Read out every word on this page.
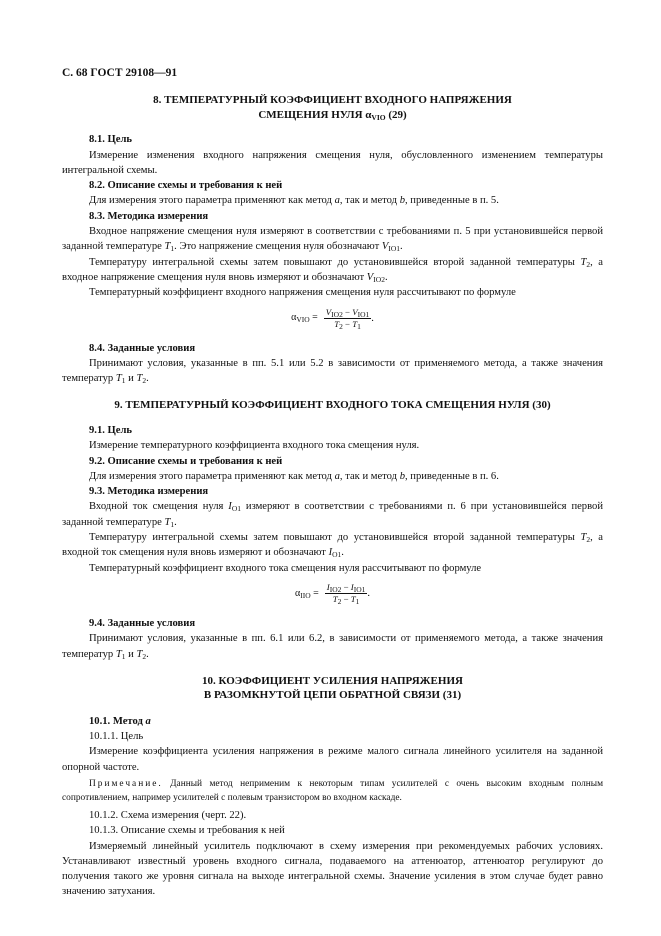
С. 68 ГОСТ 29108—91
8. ТЕМПЕРАТУРНЫЙ КОЭФФИЦИЕНТ ВХОДНОГО НАПРЯЖЕНИЯ
СМЕЩЕНИЯ НУЛЯ $\alpha_{VIO}$ (29)
8.1. Цель

Измерение изменения входного напряжения смещения нуля, обусловленного изменением температуры интегральной схемы.

8.2. Описание схемы и требования к ней

Для измерения этого параметра применяют как метод a, так и метод b, приведенные в п. 5.

8.3. Методика измерения

Входное напряжение смещения нуля измеряют в соответствии с требованиями п. 5 при установившейся первой заданной температуре $T_1$. Это напряжение смещения нуля обозначают $V_{IO1}$.

Температуру интегральной схемы затем повышают до установившейся второй заданной температуры $T_2$, а входное напряжение смещения нуля вновь измеряют и обозначают $V_{IO2}$.

Температурный коэффициент входного напряжения смещения нуля рассчитывают по формуле

$\alpha_{VIO} = \frac{V_{IO2} - V_{IO1}}{T_2 - T_1}$ .
8.4. Заданные условия

Принимают условия, указанные в пп. 5.1 или 5.2 в зависимости от применяемого метода, а также значения температур $T_1$ и $T_2$.

9. ТЕМПЕРАТУРНЫЙ КОЭФФИЦИЕНТ ВХОДНОГО ТОКА СМЕЩЕНИЯ НУЛЯ (30)
9.1. Цель

Измерение температурного коэффициента входного тока смещения нуля.

9.2. Описание схемы и требования к ней

Для измерения этого параметра применяют как метод a, так и метод b, приведенные в п. 6.

9.3. Методика измерения

Входной ток смещения нуля $I_{O1}$ измеряют в соответствии с требованиями п. 6 при установившейся первой заданной температуре $T_1$.

Температуру интегральной схемы затем повышают до установившейся второй заданной температуры $T_2$, а входной ток смещения нуля вновь измеряют и обозначают $I_{O1}$.

Температурный коэффициент входного тока смещения нуля рассчитывают по формуле

$\alpha_{IIO} = \frac{I_{IO2} - I_{IO1}}{T_2 - T_1}$ .
9.4. Заданные условия

Принимают условия, указанные в пп. 6.1 или 6.2, в зависимости от применяемого метода, а также значения температур $T_1$ и $T_2$.

10. КОЭФФИЦИЕНТ УСИЛЕНИЯ НАПРЯЖЕНИЯ
В РАЗОМКНУТОЙ ЦЕПИ ОБРАТНОЙ СВЯЗИ (31)
10.1. Метод а

10.1.1. Цель

Измерение коэффициента усиления напряжения в режиме малого сигнала линейного усилителя на заданной опорной частоте.

Примечание. Данный метод неприменим к некоторым типам усилителей с очень высоким входным полным сопротивлением, например усилителей с полевым транзистором во входном каскаде.

10.1.2. Схема измерения (черт. 22).

10.1.3. Описание схемы и требования к ней

Измеряемый линейный усилитель подключают в схему измерения при рекомендуемых рабочих условиях. Устанавливают известный уровень входного сигнала, подаваемого на аттенюатор, аттенюатор регулируют до получения такого же уровня сигнала на выходе интегральной схемы. Значение усиления в этом случае будет равно значению затухания.
